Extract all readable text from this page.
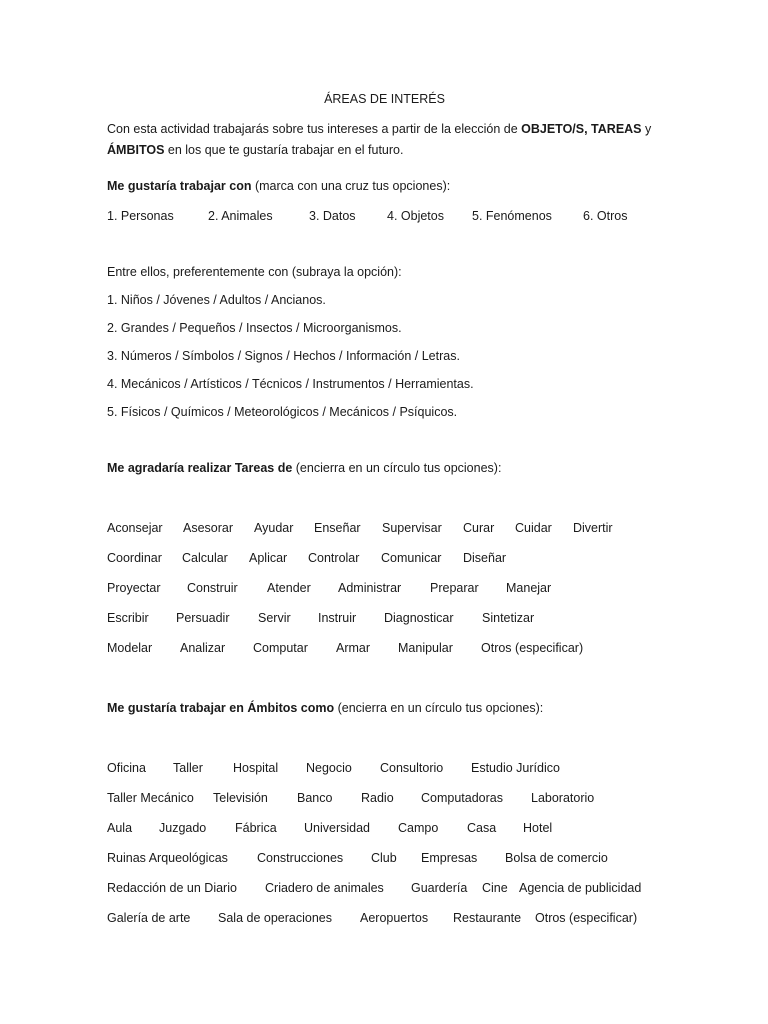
ÁREAS DE INTERÉS
Con esta actividad trabajarás sobre tus intereses a partir de la elección de OBJETO/S, TAREAS y
ÁMBITOS en los que te gustaría trabajar en el futuro.
Me gustaría trabajar con (marca con una cruz tus opciones):
1. Personas	2. Animales	3. Datos	4. Objetos 5. Fenómenos 6. Otros
Entre ellos, preferentemente con (subraya la opción):
1. Niños / Jóvenes / Adultos / Ancianos.
2. Grandes / Pequeños / Insectos / Microorganismos.
3. Números / Símbolos / Signos / Hechos / Información / Letras.
4. Mecánicos / Artísticos / Técnicos / Instrumentos / Herramientas.
5. Físicos / Químicos / Meteorológicos / Mecánicos / Psíquicos.
Me agradaría realizar Tareas de (encierra en un círculo tus opciones):
Aconsejar Asesorar Ayudar Enseñar Supervisar Curar Cuidar Divertir
Coordinar Calcular Aplicar Controlar Comunicar Diseñar
Proyectar Construir Atender Administrar Preparar Manejar
Escribir Persuadir Servir Instruir Diagnosticar Sintetizar
Modelar Analizar Computar Armar Manipular Otros (especificar)
Me gustaría trabajar en Ámbitos como (encierra en un círculo tus opciones):
Oficina Taller Hospital Negocio Consultorio Estudio Jurídico
Taller Mecánico Televisión Banco Radio Computadoras Laboratorio
Aula Juzgado Fábrica Universidad Campo Casa Hotel
Ruinas Arqueológicas Construcciones Club Empresas Bolsa de comercio
Redacción de un Diario Criadero de animales Guardería Cine Agencia de publicidad
Galería de arte Sala de operaciones Aeropuertos Restaurante Otros (especificar)
